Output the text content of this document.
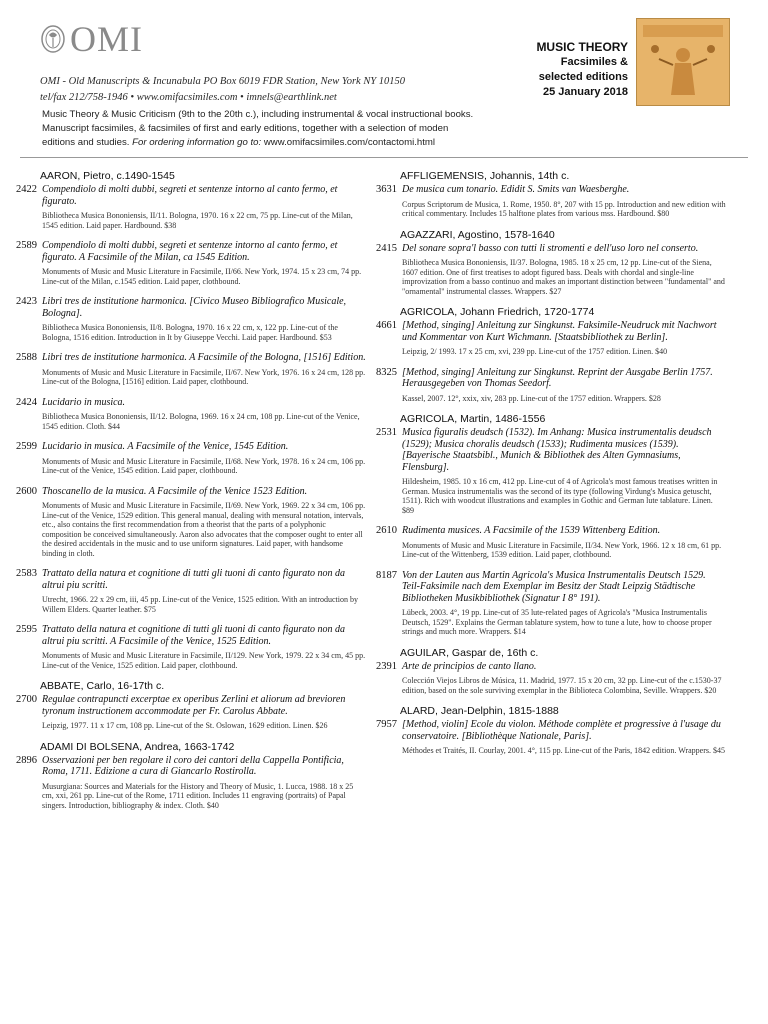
OMI
OMI - Old Manuscripts & Incunabula PO Box 6019 FDR Station, New York NY 10150
tel/fax 212/758-1946 • www.omifacsimiles.com • imnels@earthlink.net
MUSIC THEORY
Facsimiles &
selected editions
25 January 2018
Music Theory & Music Criticism (9th to the 20th c.), including instrumental & vocal instructional books.
Manuscript facsimiles, & facsimiles of first and early editions, together with a selection of moden
editions and studies. For ordering information go to: www.omifacsimiles.com/contactomi.html
AARON, Pietro, c.1490-1545
2422 Compendiolo di molti dubbi, segreti et sentenze intorno al canto fermo, et figurato.
Bibliotheca Musica Bononiensis, II/11. Bologna, 1970. 16 x 22 cm, 75 pp. Line-cut of the Milan, 1545 edition. Laid paper. Hardbound. $38
2589 Compendiolo di molti dubbi, segreti et sentenze intorno al canto fermo, et figurato. A Facsimile of the Milan, ca 1545 Edition.
Monuments of Music and Music Literature in Facsimile, II/66. New York, 1974. 15 x 23 cm, 74 pp. Line-cut of the Milan, c.1545 edition. Laid paper, clothbound.
2423 Libri tres de institutione harmonica. [Civico Museo Bibliografico Musicale, Bologna].
Bibliotheca Musica Bononiensis, II/8. Bologna, 1970. 16 x 22 cm, x, 122 pp. Line-cut of the Bologna, 1516 edition. Introduction in It by Giuseppe Vecchi. Laid paper. Hardbound. $53
2588 Libri tres de institutione harmonica. A Facsimile of the Bologna, [1516] Edition.
Monuments of Music and Music Literature in Facsimile, II/67. New York, 1976. 16 x 24 cm, 128 pp. Line-cut of the Bologna, [1516] edition. Laid paper, clothbound.
2424 Lucidario in musica.
Bibliotheca Musica Bononiensis, II/12. Bologna, 1969. 16 x 24 cm, 108 pp. Line-cut of the Venice, 1545 edition. Cloth. $44
2599 Lucidario in musica. A Facsimile of the Venice, 1545 Edition.
Monuments of Music and Music Literature in Facsimile, II/68. New York, 1978. 16 x 24 cm, 106 pp. Line-cut of the Venice, 1545 edition. Laid paper, clothbound.
2600 Thoscanello de la musica. A Facsimile of the Venice 1523 Edition.
Monuments of Music and Music Literature in Facsimile, II/69. New York, 1969. 22 x 34 cm, 106 pp. Line-cut of the Venice, 1529 edition. This general manual, dealing with mensural notation, intervals, etc., also contains the first recommendation from a theorist that the parts of a polyphonic composition be conceived simultaneously. Aaron also advocates that the composer ought to enter all the desired accidentals in the music and to use uniform signatures. Laid paper, with handsome binding in cloth.
2583 Trattato della natura et cognitione di tutti gli tuoni di canto figurato non da altrui piu scritti.
Utrecht, 1966. 22 x 29 cm, iii, 45 pp. Line-cut of the Venice, 1525 edition. With an introduction by Willem Elders. Quarter leather. $75
2595 Trattato della natura et cognitione di tutti gli tuoni di canto figurato non da altrui piu scritti. A Facsimile of the Venice, 1525 Edition.
Monuments of Music and Music Literature in Facsimile, II/129. New York, 1979. 22 x 34 cm, 45 pp. Line-cut of the Venice, 1525 edition. Laid paper, clothbound.
ABBATE, Carlo, 16-17th c.
2700 Regulae contrapuncti excerptae ex operibus Zerlini et aliorum ad brevioren tyronum instructionem accommodate per Fr. Carolus Abbate.
Leipzig, 1977. 11 x 17 cm, 108 pp. Line-cut of the St. Oslowan, 1629 edition. Linen. $26
ADAMI DI BOLSENA, Andrea, 1663-1742
2896 Osservazioni per ben regolare il coro dei cantori della Cappella Pontificia, Roma, 1711. Edizione a cura di Giancarlo Rostirolla.
Musurgiana: Sources and Materials for the History and Theory of Music, 1. Lucca, 1988. 18 x 25 cm, xxi, 261 pp. Line-cut of the Rome, 1711 edition. Includes 11 engraving (portraits) of Papal singers. Introduction, bibliography & index. Cloth. $40
AFFLIGEMENSIS, Johannis, 14th c.
3631 De musica cum tonario. Edidit S. Smits van Waesberghe.
Corpus Scriptorum de Musica, 1. Rome, 1950. 8°, 207 with 15 pp. Introduction and new edition with critical commentary. Includes 15 halftone plates from various mss. Hardbound. $80
AGAZZARI, Agostino, 1578-1640
2415 Del sonare sopra'l basso con tutti li stromenti e dell'uso loro nel conserto.
Bibliotheca Musica Bononiensis, II/37. Bologna, 1985. 18 x 25 cm, 12 pp. Line-cut of the Siena, 1607 edition. One of first treatises to adopt figured bass. Deals with chordal and single-line improvization from a basso continuo and makes an important distinction between "fundamental" and "ornamental" instrumental classes. Wrappers. $27
AGRICOLA, Johann Friedrich, 1720-1774
4661 [Method, singing] Anleitung zur Singkunst. Faksimile-Neudruck mit Nachwort und Kommentar von Kurt Wichmann. [Staatsbibliothek zu Berlin].
Leipzig, 2/ 1993. 17 x 25 cm, xvi, 239 pp. Line-cut of the 1757 edition. Linen. $40
8325 [Method, singing] Anleitung zur Singkunst. Reprint der Ausgabe Berlin 1757. Herausgegeben von Thomas Seedorf.
Kassel, 2007. 12°, xxix, xiv, 283 pp. Line-cut of the 1757 edition. Wrappers. $28
AGRICOLA, Martin, 1486-1556
2531 Musica figuralis deudsch (1532). Im Anhang: Musica instrumentalis deudsch (1529); Musica choralis deudsch (1533); Rudimenta musices (1539). [Bayerische Staatsbibl., Munich & Bibliothek des Alten Gymnasiums, Flensburg].
Hildesheim, 1985. 10 x 16 cm, 412 pp. Line-cut of 4 of Agricola's most famous treatises written in German. Musica instrumentalis was the second of its type (following Virdung's Musica getuscht, 1511). Rich with woodcut illustrations and examples in Gothic and German lute tablature. Linen. $89
2610 Rudimenta musices. A Facsimile of the 1539 Wittenberg Edition.
Monuments of Music and Music Literature in Facsimile, II/34. New York, 1966. 12 x 18 cm, 61 pp. Line-cut of the Wittenberg, 1539 edition. Laid paper, clothbound.
8187 Von der Lauten aus Martin Agricola's Musica Instrumentalis Deutsch 1529. Teil-Faksimile nach dem Exemplar im Besitz der Stadt Leipzig Städtische Bibliotheken Musikbibliothek (Signatur I 8° 191).
Lübeck, 2003. 4°, 19 pp. Line-cut of 35 lute-related pages of Agricola's "Musica Instrumentalis Deutsch, 1529". Explains the German tablature system, how to tune a lute, how to choose proper strings and much more. Wrappers. $14
AGUILAR, Gaspar de, 16th c.
2391 Arte de principios de canto llano.
Colección Viejos Libros de Música, 11. Madrid, 1977. 15 x 20 cm, 32 pp. Line-cut of the c.1530-37 edition, based on the sole surviving exemplar in the Biblioteca Colombina, Seville. Wrappers. $20
ALARD, Jean-Delphin, 1815-1888
7957 [Method, violin] Ecole du violon. Méthode complète et progressive à l'usage du conservatoire. [Bibliothèque Nationale, Paris].
Méthodes et Traités, II. Courlay, 2001. 4°, 115 pp. Line-cut of the Paris, 1842 edition. Wrappers. $45
